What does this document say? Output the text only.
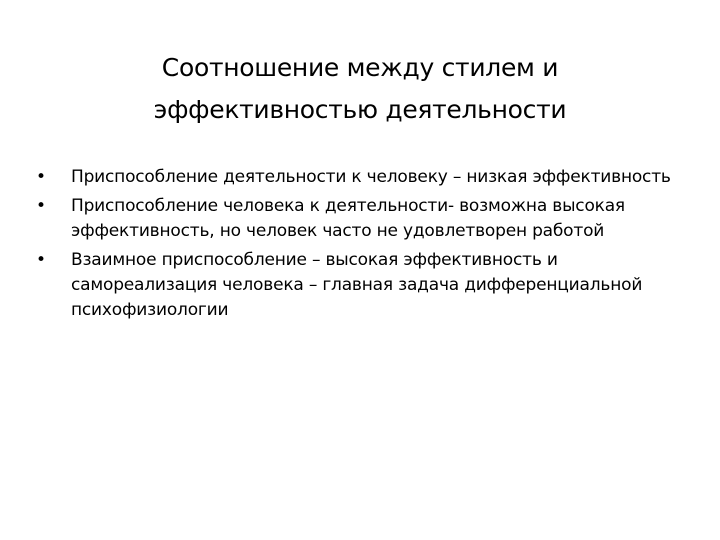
Соотношение между стилем и
эффективностью деятельности
• Приспособление деятельности к человеку – низкая эффективность
• Приспособление человека к деятельности- возможна высокая эффективность, но человек часто не удовлетворен работой
• Взаимное приспособление – высокая эффективность и самореализация человека – главная задача дифференциальной психофизиологии
